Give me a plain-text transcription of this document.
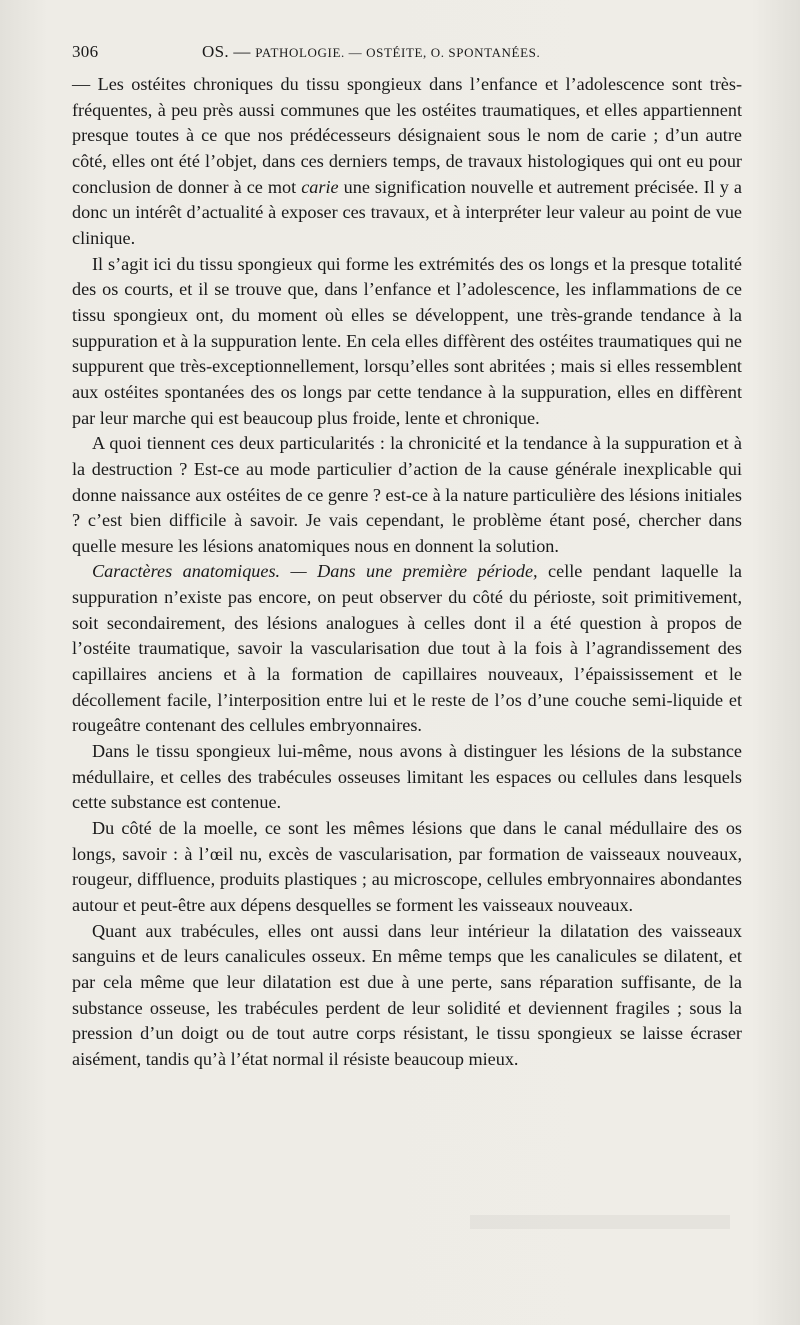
306	OS. — PATHOLOGIE. — OSTÉITE, O. SPONTANÉES.

— Les ostéites chroniques du tissu spongieux dans l’enfance et l’adolescence sont très-fréquentes, à peu près aussi communes que les ostéites traumatiques, et elles appartiennent presque toutes à ce que nos prédécesseurs désignaient sous le nom de carie ; d’un autre côté, elles ont été l’objet, dans ces derniers temps, de travaux histologiques qui ont eu pour conclusion de donner à ce mot carie une signification nouvelle et autrement précisée. Il y a donc un intérêt d’actualité à exposer ces travaux, et à interpréter leur valeur au point de vue clinique.

Il s’agit ici du tissu spongieux qui forme les extrémités des os longs et la presque totalité des os courts, et il se trouve que, dans l’enfance et l’adolescence, les inflammations de ce tissu spongieux ont, du moment où elles se développent, une très-grande tendance à la suppuration et à la suppuration lente. En cela elles diffèrent des ostéites traumatiques qui ne suppurent que très-exceptionnellement, lorsqu’elles sont abritées ; mais si elles ressemblent aux ostéites spontanées des os longs par cette tendance à la suppuration, elles en diffèrent par leur marche qui est beaucoup plus froide, lente et chronique.

A quoi tiennent ces deux particularités : la chronicité et la tendance à la suppuration et à la destruction ? Est-ce au mode particulier d’action de la cause générale inexplicable qui donne naissance aux ostéites de ce genre ? est-ce à la nature particulière des lésions initiales ? c’est bien difficile à savoir. Je vais cependant, le problème étant posé, chercher dans quelle mesure les lésions anatomiques nous en donnent la solution.

Caractères anatomiques. — Dans une première période, celle pendant laquelle la suppuration n’existe pas encore, on peut observer du côté du périoste, soit primitivement, soit secondairement, des lésions analogues à celles dont il a été question à propos de l’ostéite traumatique, savoir la vascularisation due tout à la fois à l’agrandissement des capillaires anciens et à la formation de capillaires nouveaux, l’épaississement et le décollement facile, l’interposition entre lui et le reste de l’os d’une couche semi-liquide et rougeâtre contenant des cellules embryonnaires.

Dans le tissu spongieux lui-même, nous avons à distinguer les lésions de la substance médullaire, et celles des trabécules osseuses limitant les espaces ou cellules dans lesquels cette substance est contenue.

Du côté de la moelle, ce sont les mêmes lésions que dans le canal médullaire des os longs, savoir : à l’œil nu, excès de vascularisation, par formation de vaisseaux nouveaux, rougeur, diffluence, produits plastiques ; au microscope, cellules embryonnaires abondantes autour et peut-être aux dépens desquelles se forment les vaisseaux nouveaux.

Quant aux trabécules, elles ont aussi dans leur intérieur la dilatation des vaisseaux sanguins et de leurs canalicules osseux. En même temps que les canalicules se dilatent, et par cela même que leur dilatation est due à une perte, sans réparation suffisante, de la substance osseuse, les trabécules perdent de leur solidité et deviennent fragiles ; sous la pression d’un doigt ou de tout autre corps résistant, le tissu spongieux se laisse écraser aisément, tandis qu’à l’état normal il résiste beaucoup mieux.
